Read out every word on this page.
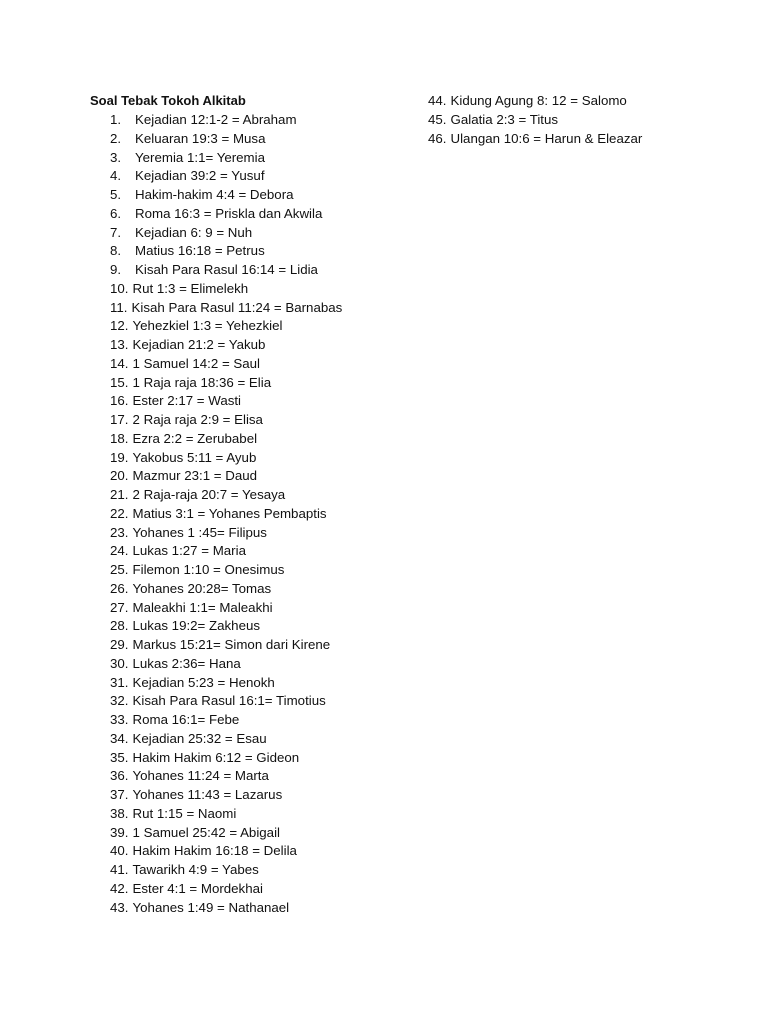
Soal Tebak Tokoh Alkitab
1.	Kejadian 12:1-2 = Abraham
2.	Keluaran 19:3 = Musa
3.	Yeremia 1:1= Yeremia
4.	Kejadian 39:2 = Yusuf
5.	Hakim-hakim 4:4 = Debora
6.	Roma 16:3 = Priskla dan Akwila
7.	Kejadian 6: 9 = Nuh
8.	Matius 16:18 = Petrus
9.	Kisah Para Rasul 16:14 = Lidia
10. Rut 1:3 = Elimelekh
11. Kisah Para Rasul 11:24 = Barnabas
12. Yehezkiel 1:3 = Yehezkiel
13. Kejadian 21:2 = Yakub
14. 1 Samuel 14:2 = Saul
15. 1 Raja raja 18:36 = Elia
16. Ester 2:17 = Wasti
17. 2 Raja raja 2:9 = Elisa
18. Ezra 2:2 = Zerubabel
19. Yakobus 5:11 = Ayub
20. Mazmur 23:1 = Daud
21. 2 Raja-raja 20:7 = Yesaya
22. Matius 3:1 = Yohanes Pembaptis
23. Yohanes 1 :45= Filipus
24. Lukas 1:27 = Maria
25. Filemon 1:10 = Onesimus
26. Yohanes 20:28= Tomas
27. Maleakhi 1:1= Maleakhi
28. Lukas 19:2= Zakheus
29. Markus 15:21= Simon dari Kirene
30. Lukas 2:36= Hana
31. Kejadian 5:23 = Henokh
32. Kisah Para Rasul 16:1= Timotius
33. Roma 16:1= Febe
34. Kejadian 25:32 = Esau
35. Hakim Hakim 6:12 = Gideon
36. Yohanes 11:24 = Marta
37. Yohanes 11:43 = Lazarus
38. Rut 1:15 = Naomi
39. 1 Samuel 25:42 = Abigail
40. Hakim Hakim 16:18 = Delila
41. Tawarikh 4:9 = Yabes
42. Ester 4:1 = Mordekhai
43. Yohanes 1:49 = Nathanael
44. Kidung Agung 8: 12 = Salomo
45. Galatia 2:3 = Titus
46. Ulangan 10:6 = Harun & Eleazar
